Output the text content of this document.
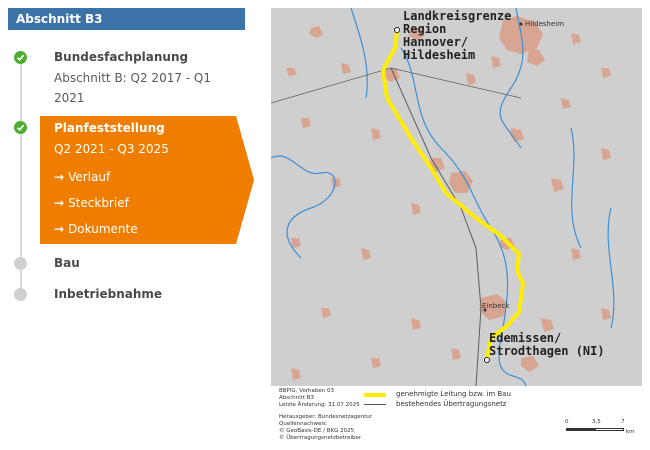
Abschnitt B3
Bundesfachplanung
Abschnitt B: Q2 2017 - Q1
2021
Planfeststellung
Q2 2021 - Q3 2025
→ Verlauf
→ Steckbrief
→ Dokumente
Bau
Inbetriebnahme
Landkreisgrenze
Region
Hannover/
Hildesheim
Edemissen/
Strodthagen (NI)
Hildesheim
Einbeck
BBPlG, Vorhaben 03
Abschnitt B3
Letzte Änderung: 31.07.2025
genehmigte Leitung bzw. im Bau
bestehendes Übertragungsnetz
Herausgeber: Bundesnetzagentur
Quellennachweis:
© GeoBasis-DE / BKG 2025
© Übertragungsnetzbetreiber
0	3,5	7
km
